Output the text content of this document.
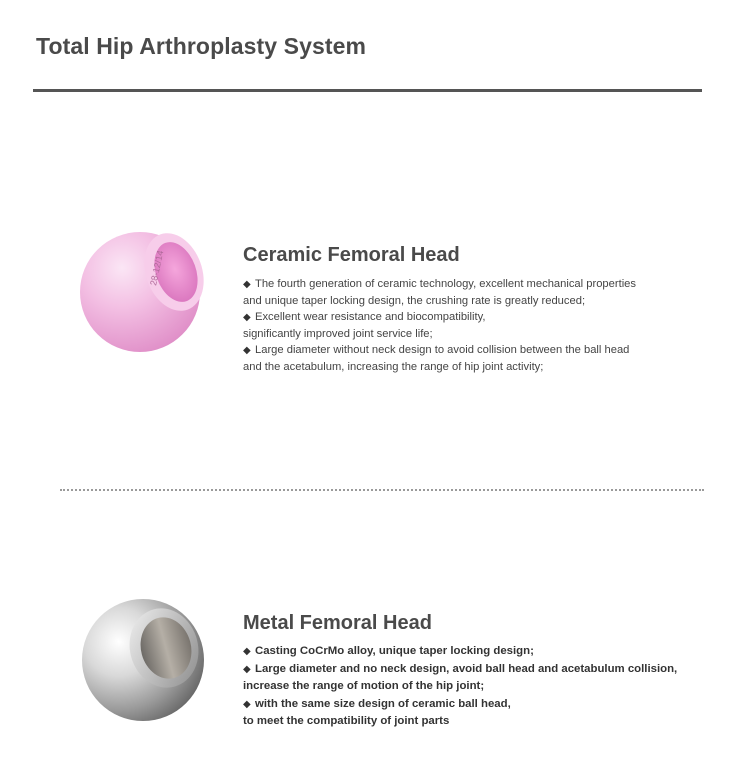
Total Hip Arthroplasty System
28-12/14	Ceramic Femoral Head
◆ The fourth generation of ceramic technology, excellent mechanical properties
and unique taper locking design, the crushing rate is greatly reduced;
◆ Excellent wear resistance and biocompatibility,
significantly improved joint service life;
◆ Large diameter without neck design to avoid collision between the ball head
and the acetabulum, increasing the range of hip joint activity;
Metal Femoral Head
◆ Casting CoCrMo alloy, unique taper locking design;
◆ Large diameter and no neck design, avoid ball head and acetabulum collision,
increase the range of motion of the hip joint;
◆ with the same size design of ceramic ball head,
to meet the compatibility of joint parts
